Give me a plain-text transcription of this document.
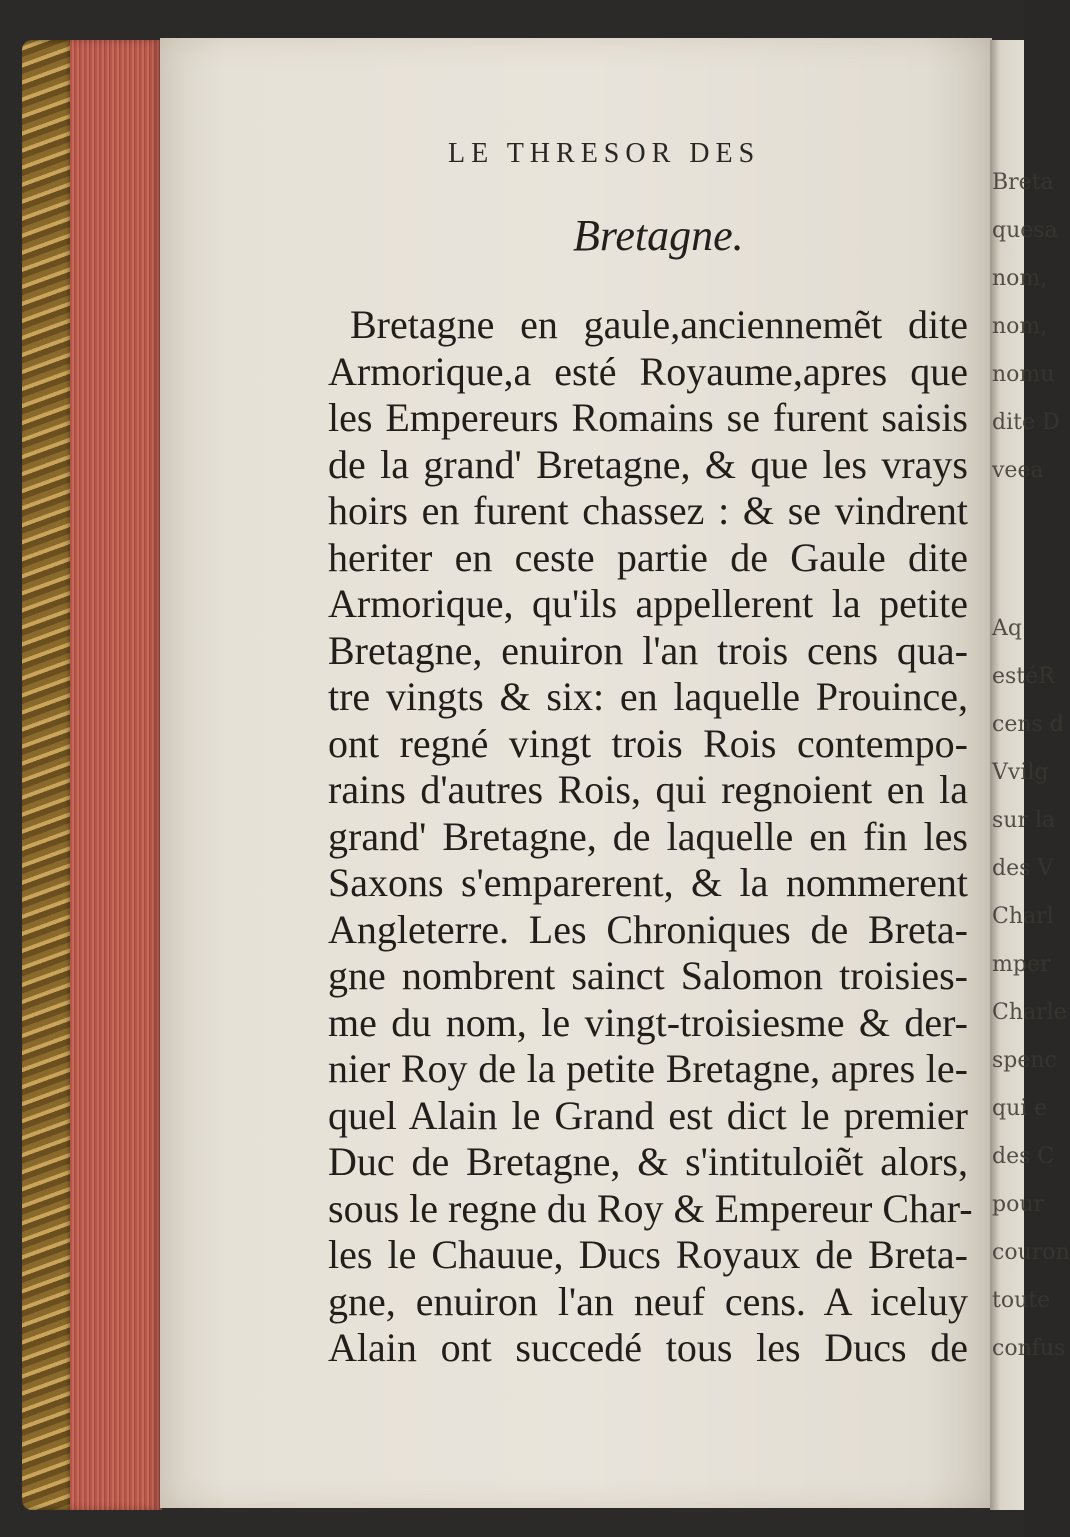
LE THRESOR DES
Bretagne.
Bretagne en gaule,anciennemẽt dite
Armorique,a esté Royaume,apres que
les Empereurs Romains se furent saisis
de la grand' Bretagne, & que les vrays
hoirs en furent chassez : & se vindrent
heriter en ceste partie de Gaule dite
Armorique, qu'ils appellerent la petite
Bretagne, enuiron l'an trois cens qua-
tre vingts & six: en laquelle Prouince,
ont regné vingt trois Rois contempo-
rains d'autres Rois, qui regnoient en la
grand' Bretagne, de laquelle en fin les
Saxons s'emparerent, & la nommerent
Angleterre. Les Chroniques de Breta-
gne nombrent sainct Salomon troisies-
me du nom, le vingt-troisiesme & der-
nier Roy de la petite Bretagne, apres le-
quel Alain le Grand est dict le premier
Duc de Bretagne, & s'intituloiẽt alors,
sous le regne du Roy & Empereur Char-
les le Chauue, Ducs Royaux de Breta-
gne, enuiron l'an neuf cens. A iceluy
Alain ont succedé tous les Ducs de
Breta
quesa
nom,
nom,
nomu
dite D
veea
Aq
estéR
cens d
Vvilg
sur la
des V
Charl
mper
Charle
spenc
qui e
des C
pour
couron
toute
confus
